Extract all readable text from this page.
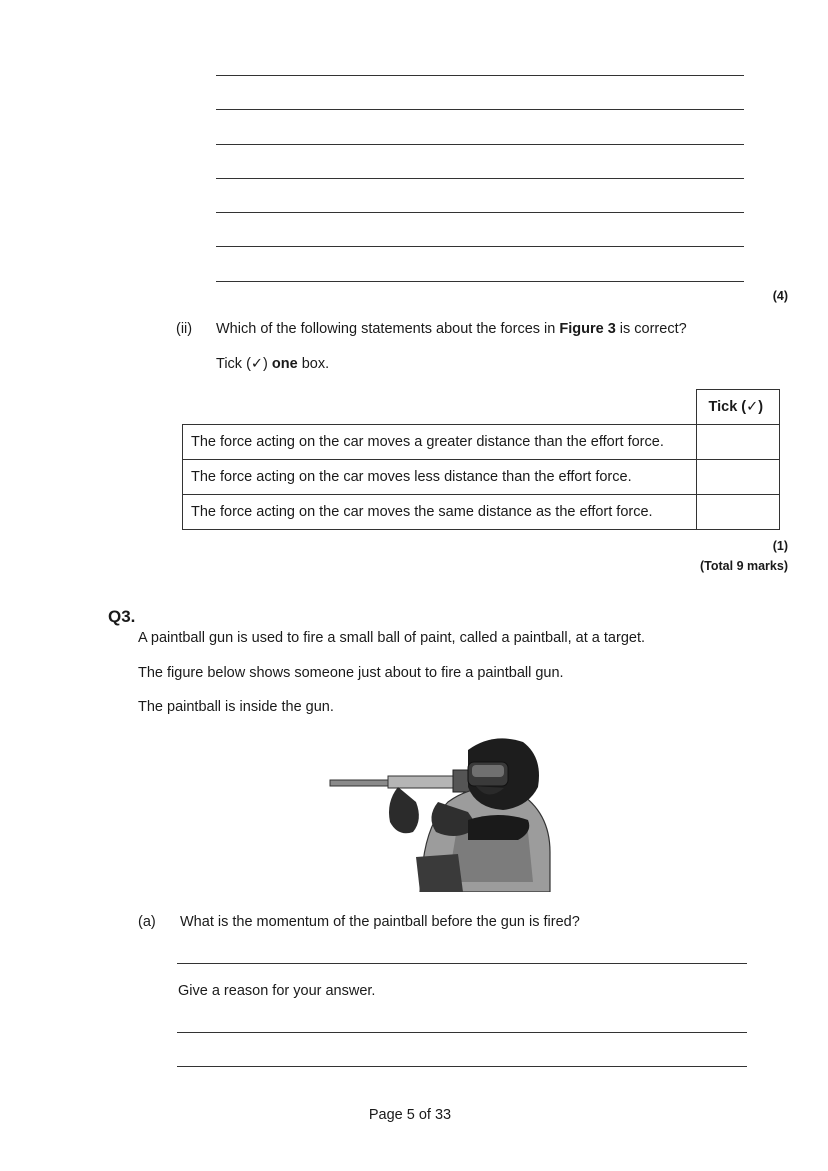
(4)
(ii) Which of the following statements about the forces in Figure 3 is correct?
Tick (✓) one box.
	Tick (✓)
The force acting on the car moves a greater distance than the effort force.	
The force acting on the car moves less distance than the effort force.	
The force acting on the car moves the same distance as the effort force.	
(1)
(Total 9 marks)
Q3.
A paintball gun is used to fire a small ball of paint, called a paintball, at a target.
The figure below shows someone just about to fire a paintball gun.
The paintball is inside the gun.
(a) What is the momentum of the paintball before the gun is fired?
Give a reason for your answer.
Page 5 of 33
